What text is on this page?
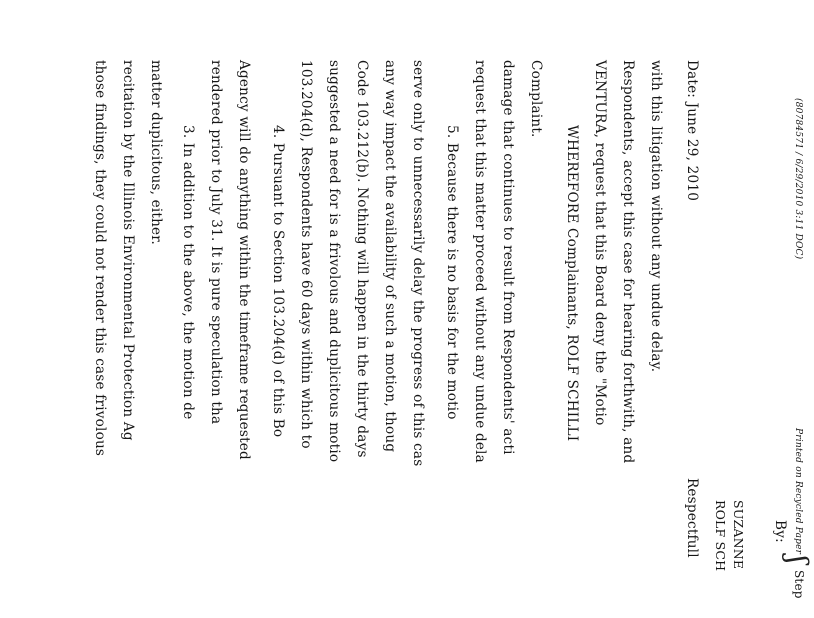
those findings, they could not render this case frivolous recitation by the Illinois Environmental Protection Ag matter duplicitous, either. 3. In addition to the above, the motion de rendered prior to July 31. It is pure speculation tha Agency will do anything within the timeframe requested 4. Pursuant to Section 103.204(d) of this Bo 103.204(d), Respondents have 60 days within which to suggested a need for is a frivolous and duplicitous motio Code 103.212(b). Nothing will happen in the thirty days any way impact the availability of such a motion, thoug serve only to unnecessarily delay the progress of this cas 5. Because there is no basis for the motio request that this matter proceed without any undue dela damage that continues to result from Respondents' acti Complaint.
WHEREFORE Complainants, ROLF SCHILLI VENTURA, request that this Board deny the "Motio Respondents, accept this case for hearing forthwith, and with this litigation without any undue delay. Date: June 29, 2010
Respectfull ROLF SCH SUZANNE By:
ʃ
Step
(80784571 / 6/29/2010 3:11 DOC)
Printed on Recycled Paper
